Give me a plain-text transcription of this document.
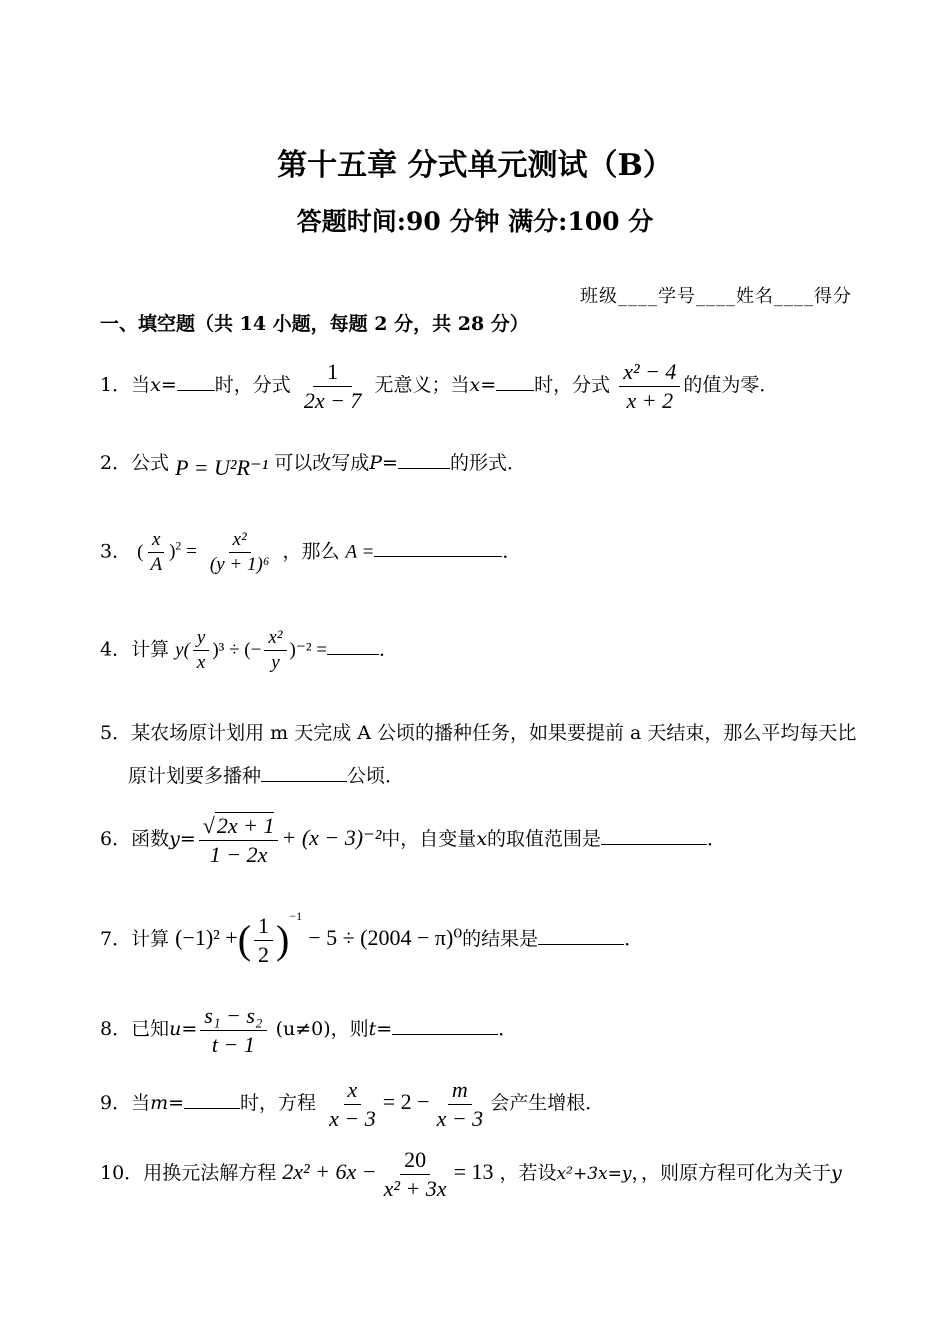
第十五章 分式单元测试（B）
答题时间:90 分钟 满分:100 分
班级____学号____姓名____得分
一、填空题（共 14 小题，每题 2 分，共 28 分）
1．当x= 时，分式 $\frac{1}{2x - 7}$ 无意义；当x= 时，分式 $\frac{\text{x² − 4}}{x + 2}$ 的值为零．
2．公式 P = U²R⁻¹ 可以改写成P=	的形式．
3． ( $\frac{x}{A} )^2 = \frac{\text{x²}}{\text{(y + 1)⁶}}$ ，那么 A =	．
4．计算 $y( \frac{y}{x} )^3$ ÷ (− $\frac{\text{x²}}{y} )^{-2}$ =	．
5．某农场原计划用 m 天完成 A 公顷的播种任务，如果要提前 a 天结束，那么平均每天比
原计划要多播种	公顷．
6．函数$y= \frac{√2x + 1}{1 - 2x} + (x - 3)^{-2}$中，自变量x的取值范围是	．
7．计算 (−1)² +( $\frac{1}{2} )^{-1} - 5 \div (2004 - \pi)^0$的结果是	．
8．已知$u= \frac{\text{s₁ − s₂}}{t - 1} (u\ne 0)$，则t=	．
9．当m=	时，方程 $\frac{x}{x - 3} = 2 - \frac{m}{x - 3}$ 会产生增根．
10．用换元法解方程 $2x^2 + 6x - \frac{20}{\text{x² + 3x}} = 13$ ，若设x²+3x=y，，则原方程可化为关于y
